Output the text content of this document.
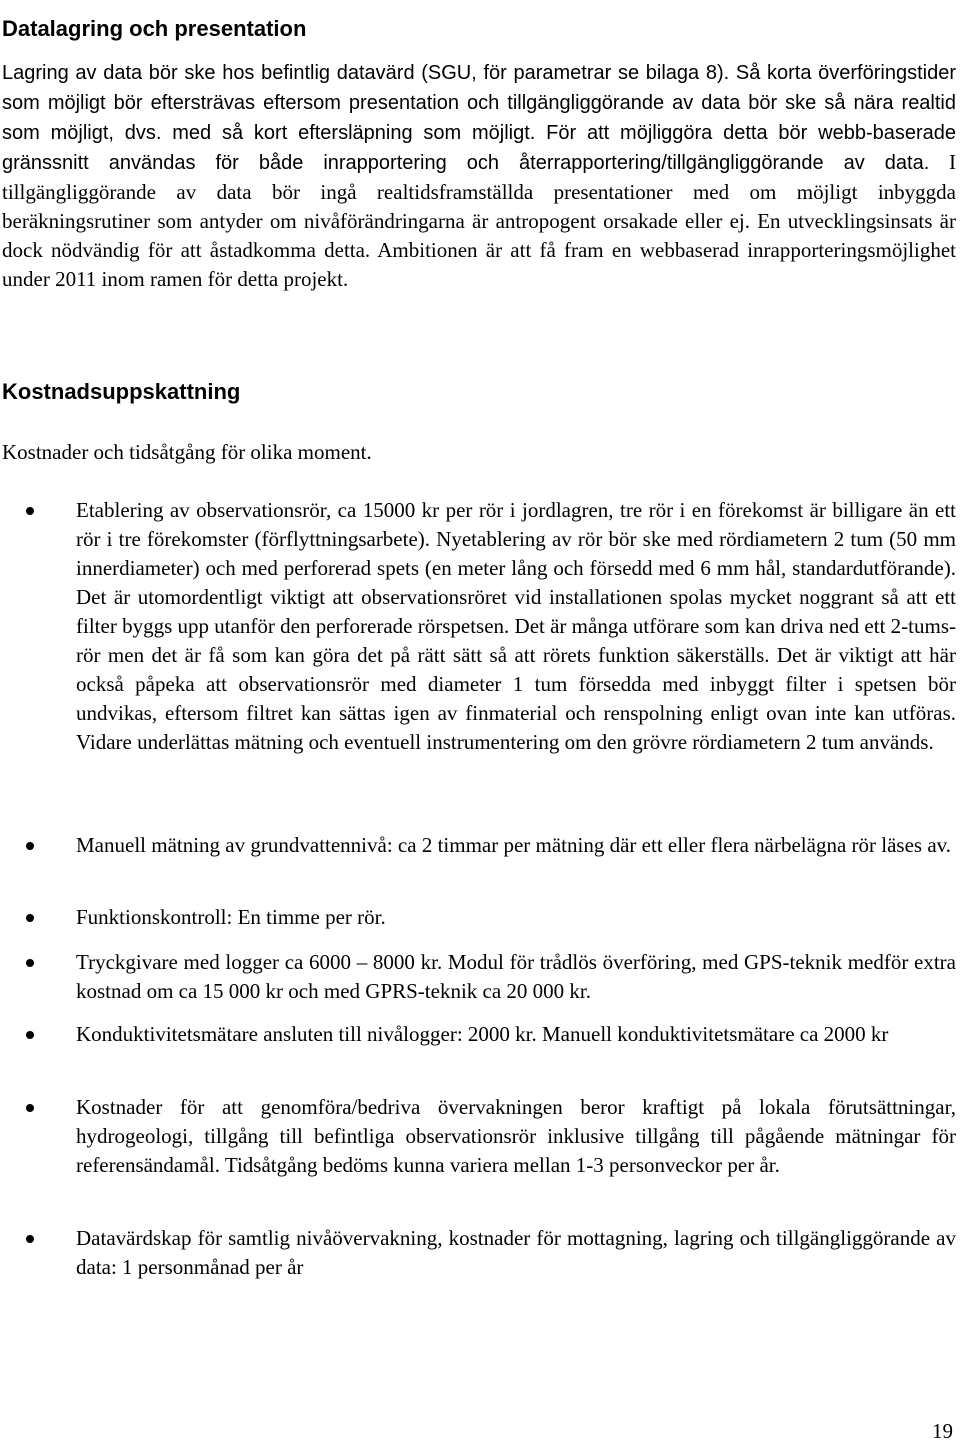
Datalagring och presentation

Lagring av data bör ske hos befintlig datavärd (SGU, för parametrar se bilaga 8). Så korta överföringstider som möjligt bör eftersträvas eftersom presentation och tillgängliggörande av data bör ske så nära realtid som möjligt, dvs. med så kort eftersläpning som möjligt. För att möjliggöra detta bör webb-baserade gränssnitt användas för både inrapportering och återrapportering/tillgängliggörande av data. I tillgängliggörande av data bör ingå realtidsframställda presentationer med om möjligt inbyggda beräkningsrutiner som antyder om nivåförändringarna är antropogent orsakade eller ej. En utvecklingsinsats är dock nödvändig för att åstadkomma detta. Ambitionen är att få fram en webbaserad inrapporteringsmöjlighet under 2011 inom ramen för detta projekt.

Kostnadsuppskattning

Kostnader och tidsåtgång för olika moment.

Etablering av observationsrör, ca 15000 kr per rör i jordlagren, tre rör i en förekomst är billigare än ett rör i tre förekomster (förflyttningsarbete). Nyetablering av rör bör ske med rördiametern 2 tum (50 mm innerdiameter) och med perforerad spets (en meter lång och försedd med 6 mm hål, standardutförande). Det är utomordentligt viktigt att observationsröret vid installationen spolas mycket noggrant så att ett filter byggs upp utanför den perforerade rörspetsen. Det är många utförare som kan driva ned ett 2-tums-rör men det är få som kan göra det på rätt sätt så att rörets funktion säkerställs. Det är viktigt att här också påpeka att observationsrör med diameter 1 tum försedda med inbyggt filter i spetsen bör undvikas, eftersom filtret kan sättas igen av finmaterial och renspolning enligt ovan inte kan utföras. Vidare underlättas mätning och eventuell instrumentering om den grövre rördiametern 2 tum används.
Manuell mätning av grundvattennivå: ca 2 timmar per mätning där ett eller flera närbelägna rör läses av.
Funktionskontroll: En timme per rör.
Tryckgivare med logger ca 6000 – 8000 kr. Modul för trådlös överföring, med GPS-teknik medför extra kostnad om ca 15 000 kr och med GPRS-teknik ca 20 000 kr.
Konduktivitetsmätare ansluten till nivålogger: 2000 kr. Manuell konduktivitetsmätare ca 2000 kr
Kostnader för att genomföra/bedriva övervakningen beror kraftigt på lokala förutsättningar, hydrogeologi, tillgång till befintliga observationsrör inklusive tillgång till pågående mätningar för referensändamål. Tidsåtgång bedöms kunna variera mellan 1-3 personveckor per år.
Datavärdskap för samtlig nivåövervakning, kostnader för mottagning, lagring och tillgängliggörande av data: 1 personmånad per år
19
